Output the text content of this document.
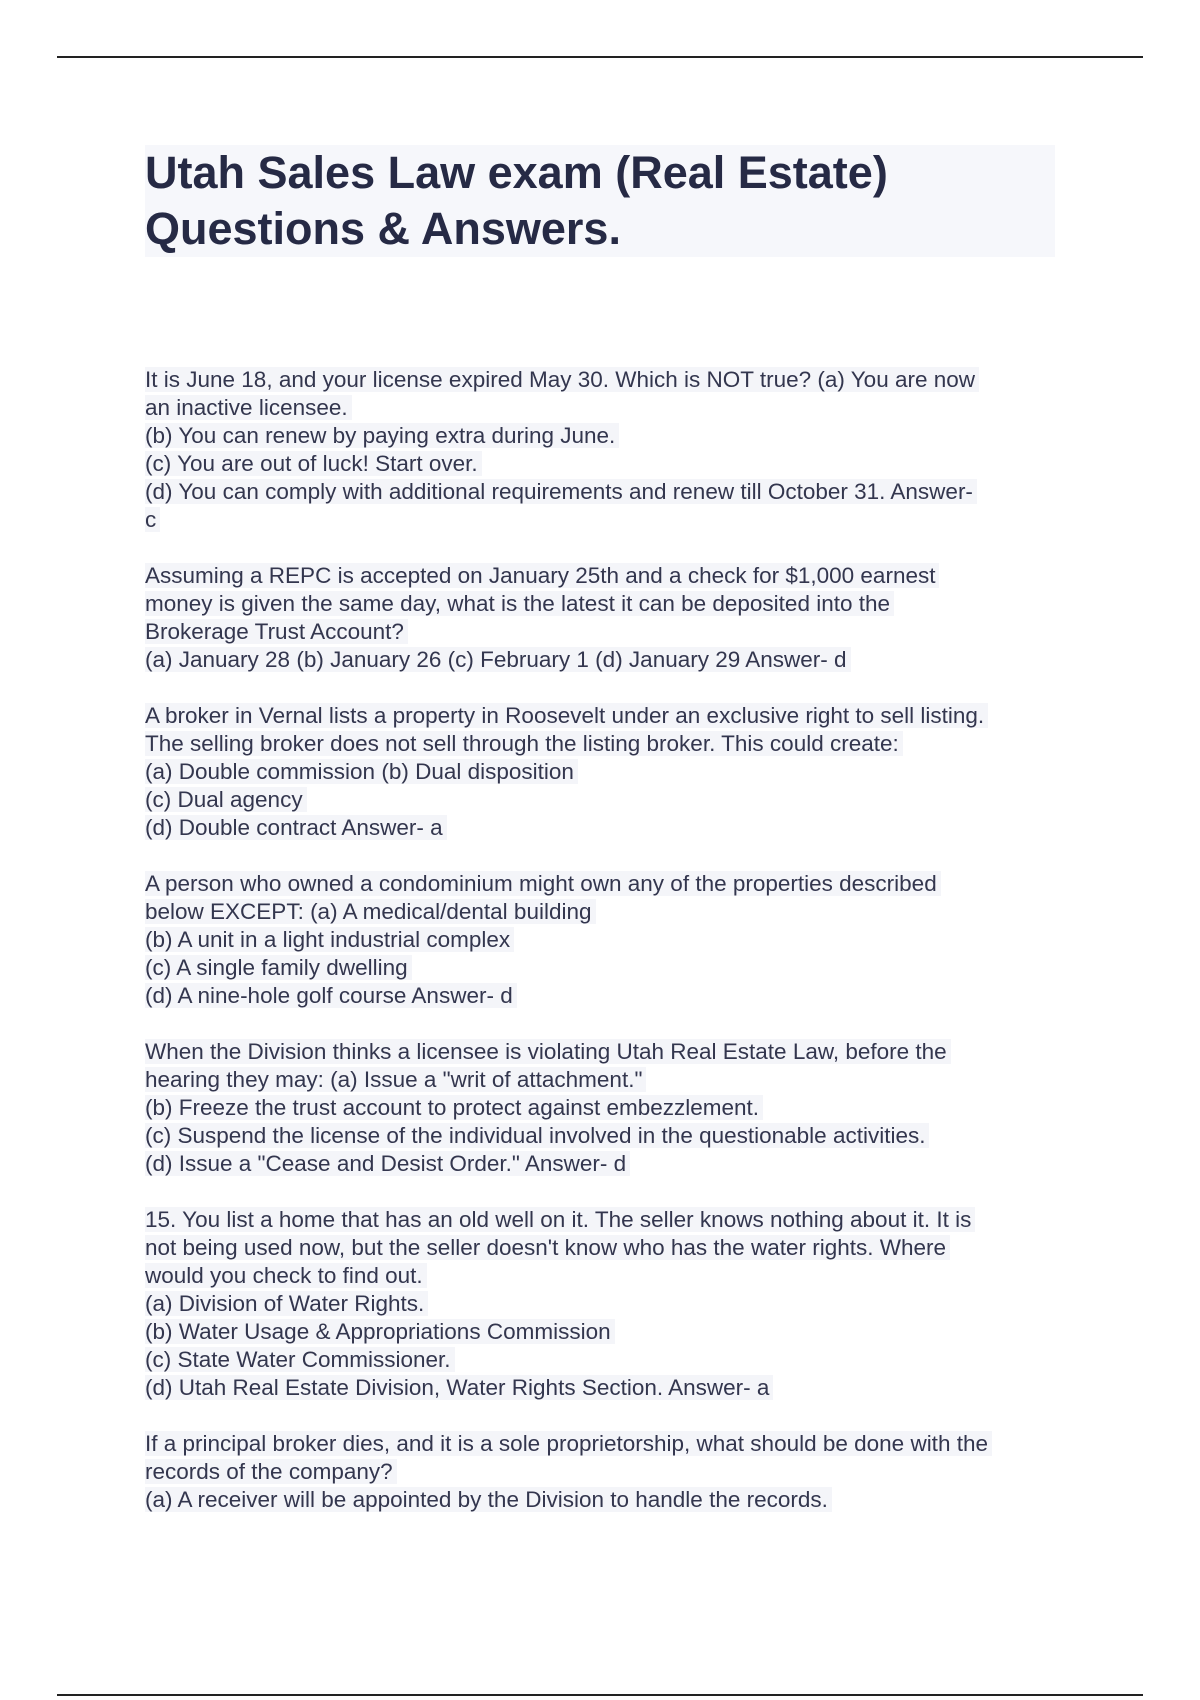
Utah Sales Law exam (Real Estate)
Questions & Answers.
It is June 18, and your license expired May 30. Which is NOT true? (a) You are now
an inactive licensee.
(b) You can renew by paying extra during June.
(c) You are out of luck! Start over.
(d) You can comply with additional requirements and renew till October 31. Answer-
c
Assuming a REPC is accepted on January 25th and a check for $1,000 earnest
money is given the same day, what is the latest it can be deposited into the
Brokerage Trust Account?
(a) January 28 (b) January 26 (c) February 1 (d) January 29 Answer- d
A broker in Vernal lists a property in Roosevelt under an exclusive right to sell listing.
The selling broker does not sell through the listing broker. This could create:
(a) Double commission (b) Dual disposition
(c) Dual agency
(d) Double contract Answer- a
A person who owned a condominium might own any of the properties described
below EXCEPT: (a) A medical/dental building
(b) A unit in a light industrial complex
(c) A single family dwelling
(d) A nine-hole golf course Answer- d
When the Division thinks a licensee is violating Utah Real Estate Law, before the
hearing they may: (a) Issue a "writ of attachment."
(b) Freeze the trust account to protect against embezzlement.
(c) Suspend the license of the individual involved in the questionable activities.
(d) Issue a "Cease and Desist Order." Answer- d
15. You list a home that has an old well on it. The seller knows nothing about it. It is
not being used now, but the seller doesn't know who has the water rights. Where
would you check to find out.
(a) Division of Water Rights.
(b) Water Usage & Appropriations Commission
(c) State Water Commissioner.
(d) Utah Real Estate Division, Water Rights Section. Answer- a
If a principal broker dies, and it is a sole proprietorship, what should be done with the
records of the company?
(a) A receiver will be appointed by the Division to handle the records.
